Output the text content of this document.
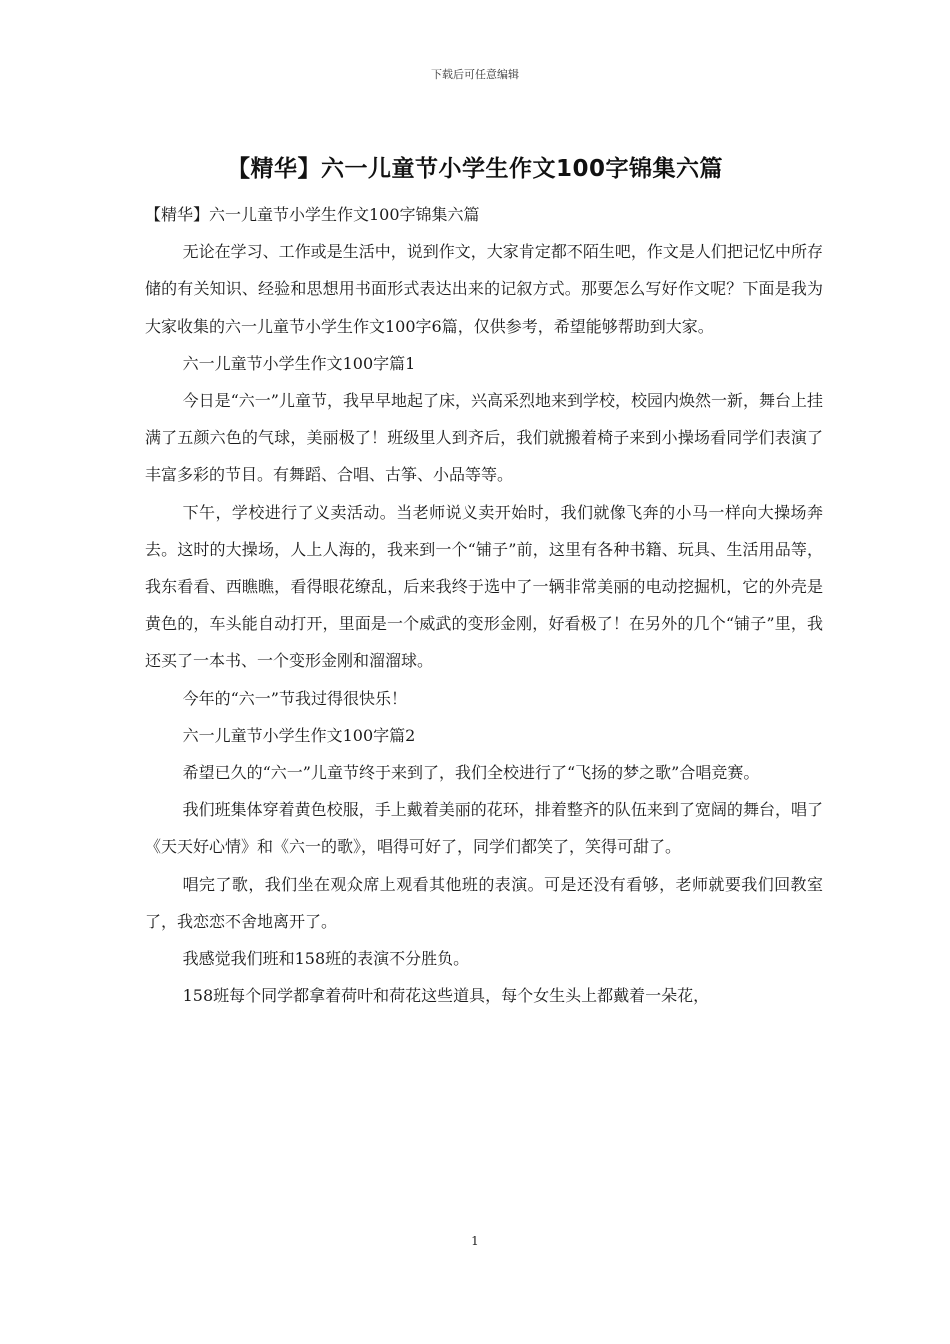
下载后可任意编辑
【精华】六一儿童节小学生作文100字锦集六篇

【精华】六一儿童节小学生作文100字锦集六篇

无论在学习、工作或是生活中，说到作文，大家肯定都不陌生吧，作文是人们把记忆中所存储的有关知识、经验和思想用书面形式表达出来的记叙方式。那要怎么写好作文呢？下面是我为大家收集的六一儿童节小学生作文100字6篇，仅供参考，希望能够帮助到大家。

六一儿童节小学生作文100字篇1

今日是“六一”儿童节，我早早地起了床，兴高采烈地来到学校，校园内焕然一新，舞台上挂满了五颜六色的气球，美丽极了！班级里人到齐后，我们就搬着椅子来到小操场看同学们表演了丰富多彩的节目。有舞蹈、合唱、古筝、小品等等。

下午，学校进行了义卖活动。当老师说义卖开始时，我们就像飞奔的小马一样向大操场奔去。这时的大操场，人上人海的，我来到一个“铺子”前，这里有各种书籍、玩具、生活用品等，我东看看、西瞧瞧，看得眼花缭乱，后来我终于选中了一辆非常美丽的电动挖掘机，它的外壳是黄色的，车头能自动打开，里面是一个威武的变形金刚，好看极了！在另外的几个“铺子”里，我还买了一本书、一个变形金刚和溜溜球。

今年的“六一”节我过得很快乐！

六一儿童节小学生作文100字篇2

希望已久的“六一”儿童节终于来到了，我们全校进行了“飞扬的梦之歌”合唱竞赛。

我们班集体穿着黄色校服，手上戴着美丽的花环，排着整齐的队伍来到了宽阔的舞台，唱了《天天好心情》和《六一的歌》，唱得可好了，同学们都笑了，笑得可甜了。

唱完了歌，我们坐在观众席上观看其他班的表演。可是还没有看够，老师就要我们回教室了，我恋恋不舍地离开了。

我感觉我们班和158班的表演不分胜负。

158班每个同学都拿着荷叶和荷花这些道具，每个女生头上都戴着一朵花，

1
